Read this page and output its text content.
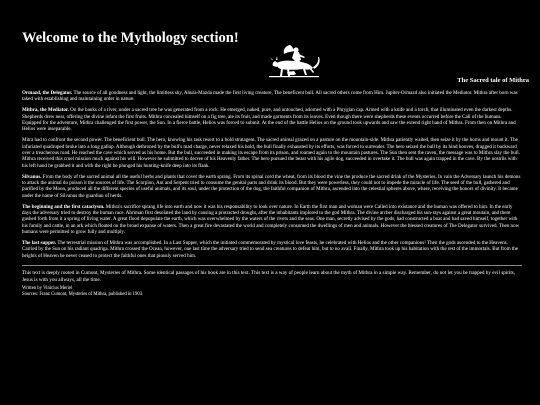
Welcome to the Mythology section!
The Sacred tale of Mithra

Ormazd, the Delegator. The source of all goodness and light, the limitless sky, Ahura-Mazda made the first living creature, The beneficent bull. All sacred others come from Him. Jupiter-Ormazd also initiated the Mediator. Mithra after born was taked with establishing and maintaining order in nature.

Mithra, the Mediator. On the banks of a river, under a sacred tree he was generated from a rock. He emerged, naked, pure, and untouched, adorned with a Phrygian cap. Armed with a knife and a torch, that illuminated even the darkest depths. Shepherds drew near, offering the divine infant the first fruits. Mithra concealed himself on a fig tree, ate its fruit, and made garments from its leaves. Even though there were shepherds these events occurred before the Call of the humans. Equipped for the adventure, Mithra challenged the first power, the Sun. In a fierce battle, Helios was forced to submit. At the end of the battle Helios on the ground took upwards and saw the extend right hand of Mithra. From then on Mithra and Helios were inseparable.

Mitra had to confront the second power. The beneficient bull. The hero, knowing his task resort to a bold stratagem. The sacred animal grazed on a pasture on the mountain-side. Mithra patiently waited, then seize it by the horns and mount it. The infuriated quadruped broke into a long gallop. Although dethroned by the bull's mad charge, never relaxed his hold, the bull finally exhausted by its efforts, was forced to surrender. The hero seized the bull by its hind hooves, dragged it backward over a treacherous road. He reached the cave which served as his home. But the bull, succeeded in making its escape from its prison, and roamed again to the mountain pastures. The Sun then sent the raven, the message was to Mithra slay the bull. Mithra received this cruel mission much against his will. However he submitted to decree of his Heavenly father. The hero pursued the beast with his agile dog, succeeded in overtake it. The bull was again trapped in the cave. By the nostrils with his left hand he grabbed it and with the right he plunged his hunting-knife deep into its flank.

Silvanus. From the body of the sacred animal all the useful herbs and plants that cover the earth sprang. From its spinal cord the wheat, from its blood the vine the produce the sacred drink of the Mysteries. In vain the Adversary launch his demons to attack the animal do poison it the sources of life. The Scorpion, Ant and Serpent tried to consume the genital parts and drink its blood. But they were powerless, they could not to impede the miracle of life. The seed of the bull, gathered and purified by the Moon, produced all the different species of useful animals, and its soul, under the protection of the dog, the faithful companion of Mithra, ascended into the celestial spheres above, where, receiving the honors of divinity. It became under the name of Silvanus the guardian of herds.

The beginning and the first cataclysm. Mithra's sacrifice sprang life into earth and now it was his responsability to look over nature. In Earth the first man and woman were Called into existance and the human was offered to him. In the early days the adversary tried to destroy the human race. Ahriman first desolated the land by causing a protracted drought, after the inhabitants implored to the god Mithra. The divine archer discharged his sun-rays against a great moutain, and there gushed forth from it a spring of living water. A great flood depopulate the earth, which was overwhelmed by the waters of the rivers and the seas. One man, secretly advised by the gods, had constructed a boat and had saved himself, together with his family and cattle, in an ark which floated on the broad expanse of waters. Then a great fire devastated the world and completely consumed the dwellings of men and animals. However the blessed creatures of The Delegator survived. Then now humans were permitted to grow fully and multiply.

The last supper. The terrestrial mission of Mithra was accomplished. In a Last Supper, which the initiated commemorated by mystical love feasts, he celebrated with Helios and the other companions! Then the gods ascended to the Heavens. Carried by the Sun on his radiant quadriga. Mithra crossed the Ocean, however, one last time the adversary tried to send sea creatures to defeat him, but to no avail. Finally, Mithra took up his habitation with the rest of the immortals. But from the heights of Heaven he never ceased to protect the faithful ones that piously served him.

This text is deeply rooted in Cumont, Mysteries of Mithra. Some identical passages of his book are in this text. This text is a way of people learn about the myth of Mithra in a simple way. Remember, do not let you be trapped by evil spirits, Jesus is with you allways, all the time.

Written by Vinicius Meriel
Sources: Franz Cumont, Mysteries of Mithra, published in 1903.
